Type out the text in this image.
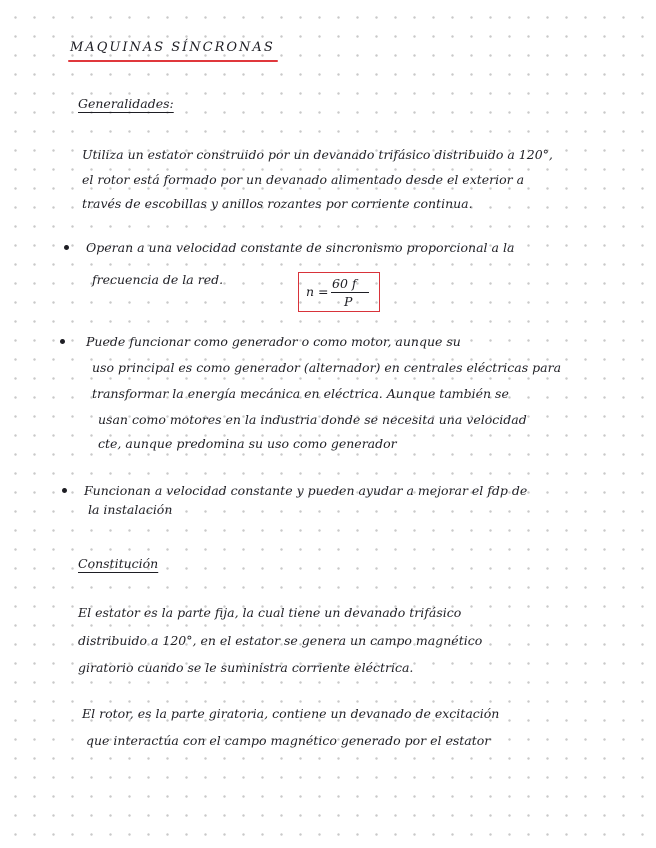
MAQUINAS SÍNCRONAS
Generalidades:
Utiliza un estator construido por un devanado trifásico distribuido a 120°,
el rotor está formado por un devanado alimentado desde el exterior a
través de escobillas y anillos rozantes por corriente continua.
Operan a una velocidad constante de sincronismo proporcional a la
frecuencia de la red.
n =
60 f
P
Puede funcionar como generador o como motor, aunque su
uso principal es como generador (alternador) en centrales eléctricas para
transformar la energía mecánica en eléctrica. Aunque también se
usan como motores en la industria donde se necesita una velocidad
cte, aunque predomina su uso como generador
Funcionan a velocidad constante y pueden ayudar a mejorar el fdp de
la instalación
Constitución
El estator es la parte fija, la cual tiene un devanado trifásico
distribuido a 120°, en el estator se genera un campo magnético
giratorio cuando se le suministra corriente eléctrica.
El rotor, es la parte giratoria, contiene un devanado de excitación
que interactúa con el campo magnético generado por el estator
